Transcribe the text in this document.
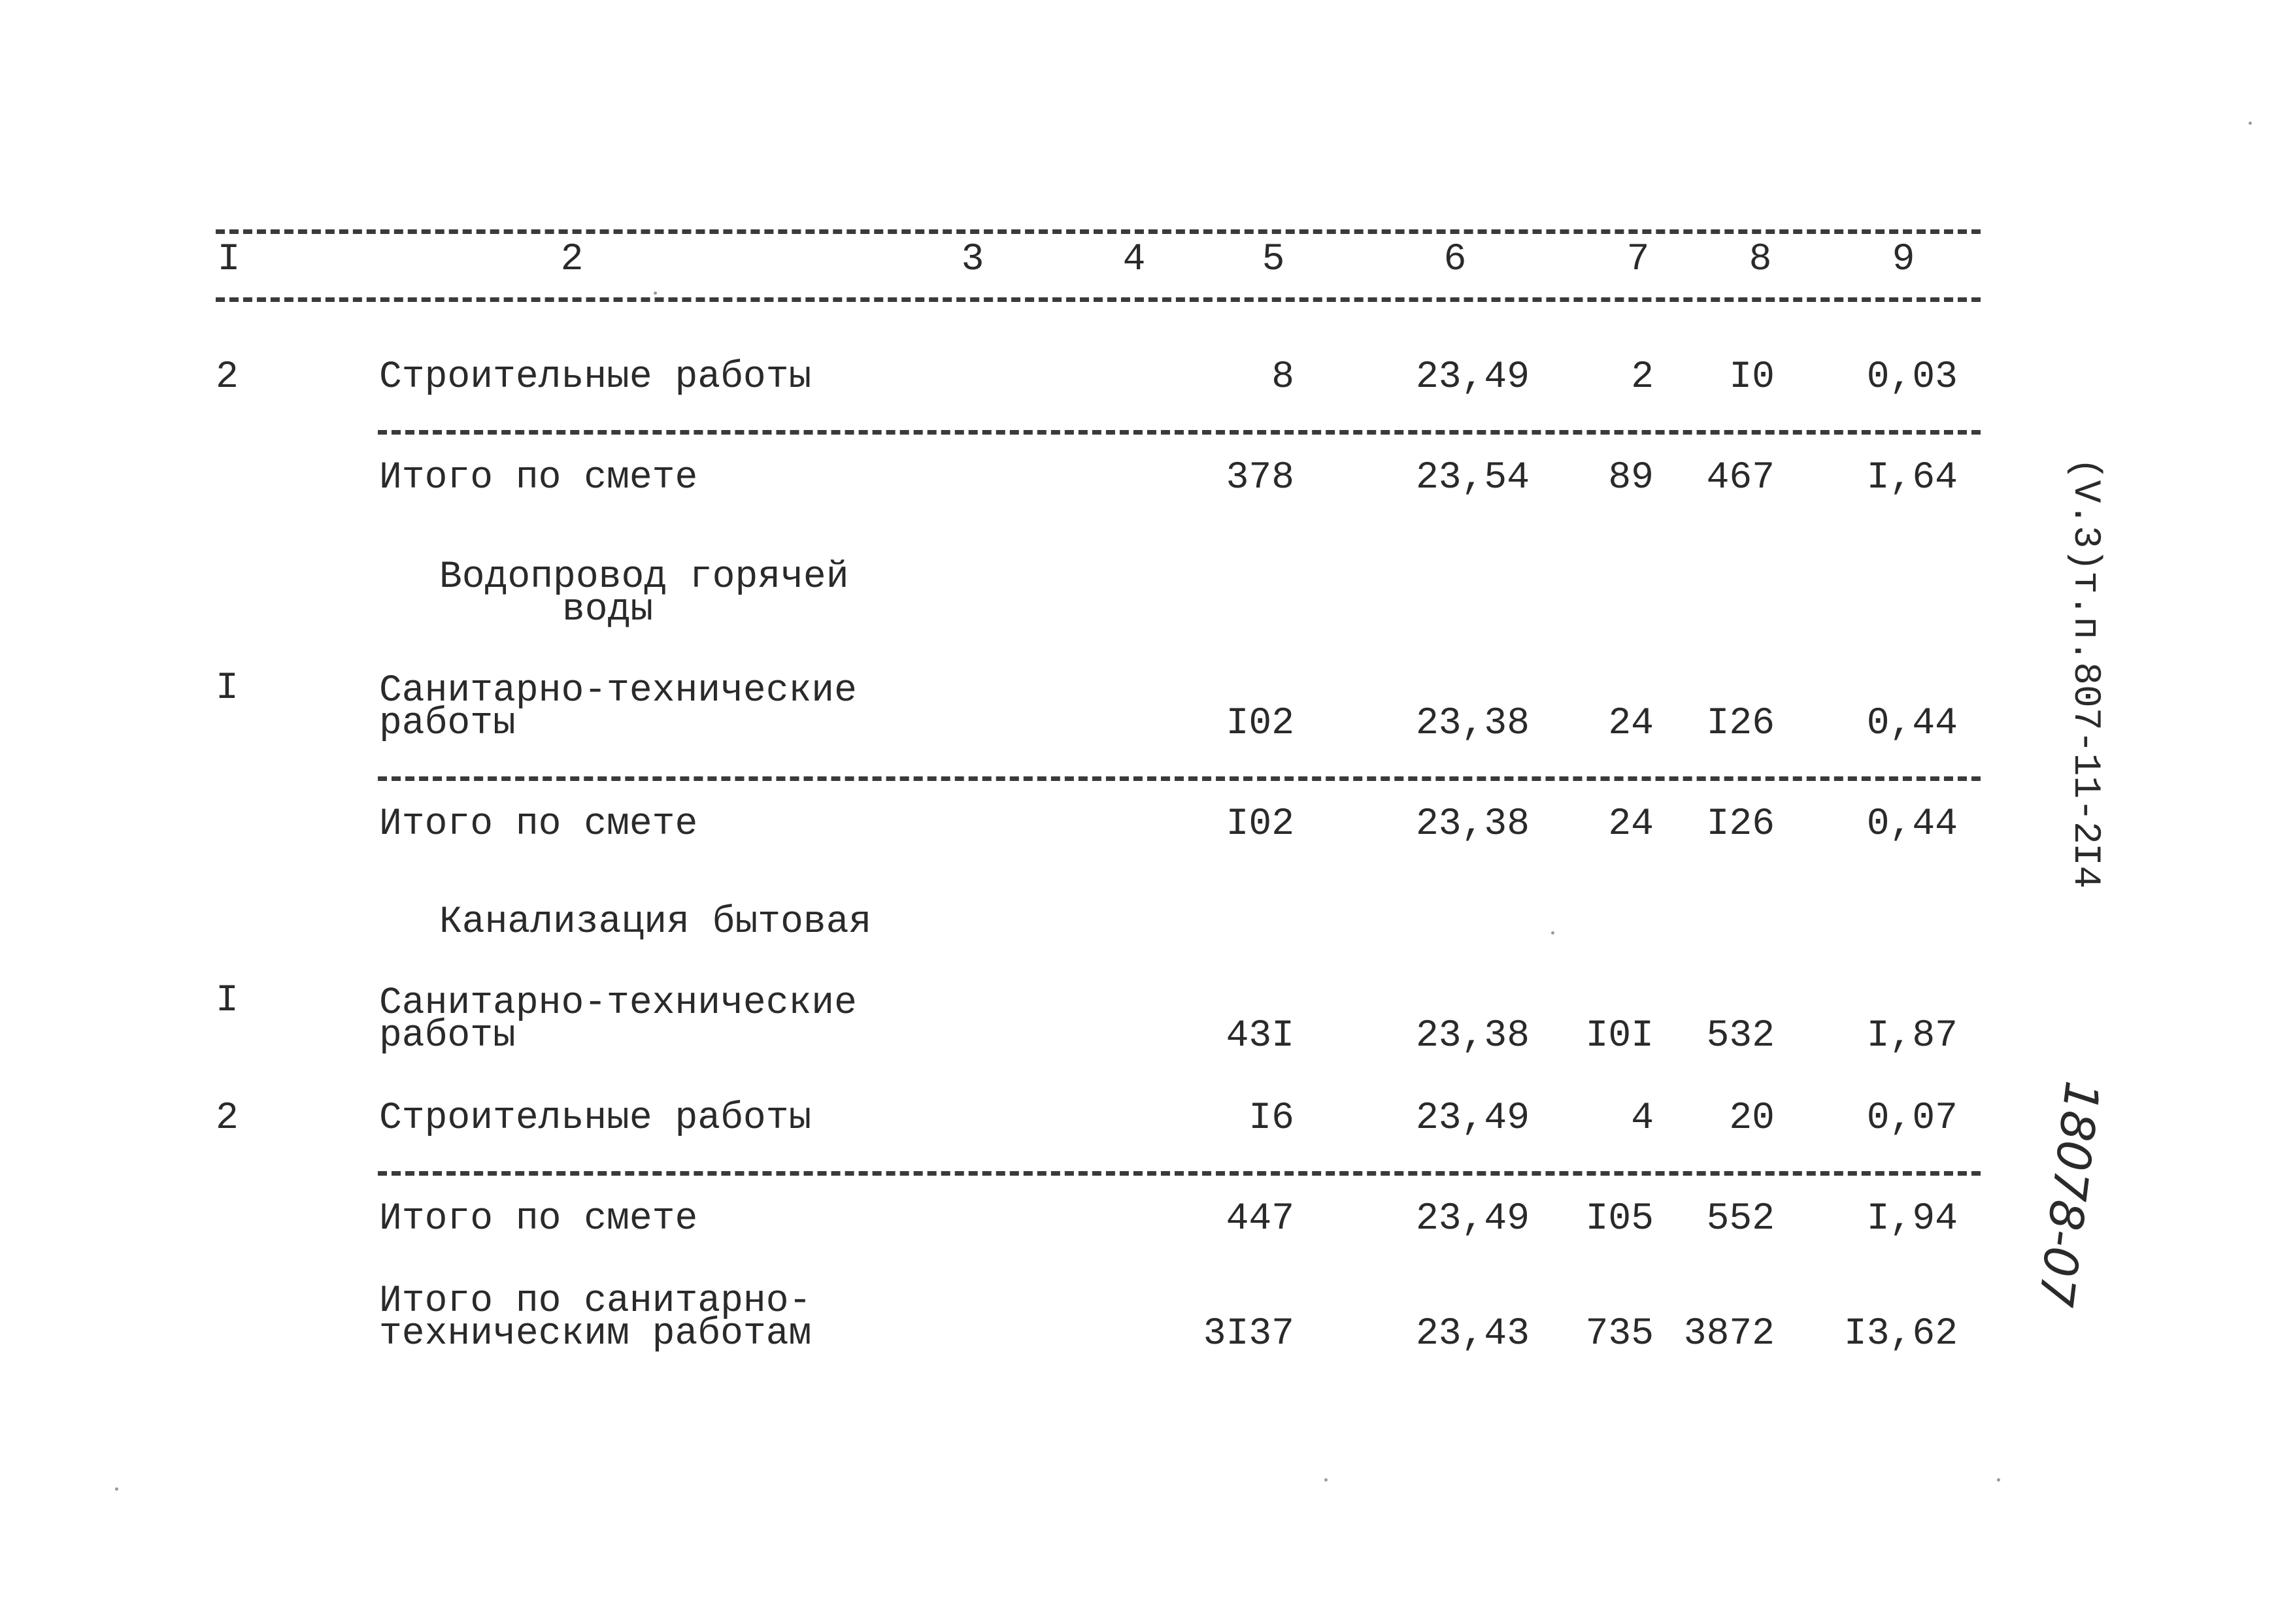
I	2	3	4	5	6	7	8	9
2	Строительные работы	8	23,49	2	I0	0,03
Итого по смете	378	23,54	89	467	I,64
Водопровод горячей
воды
I	Санитарно-технические
работы	I02	23,38	24	I26	0,44
Итого по смете	I02	23,38	24	I26	0,44
Канализация бытовая
I	Санитарно-технические
работы	43I	23,38	I0I	532	I,87
2	Строительные работы	I6	23,49	4	20	0,07
Итого по смете	447	23,49	I05	552	I,94
Итого по санитарно-
техническим работам	3I37	23,43	735 3872	I3,62
(V.3)т.п.807-11-2
I4
18078-07
